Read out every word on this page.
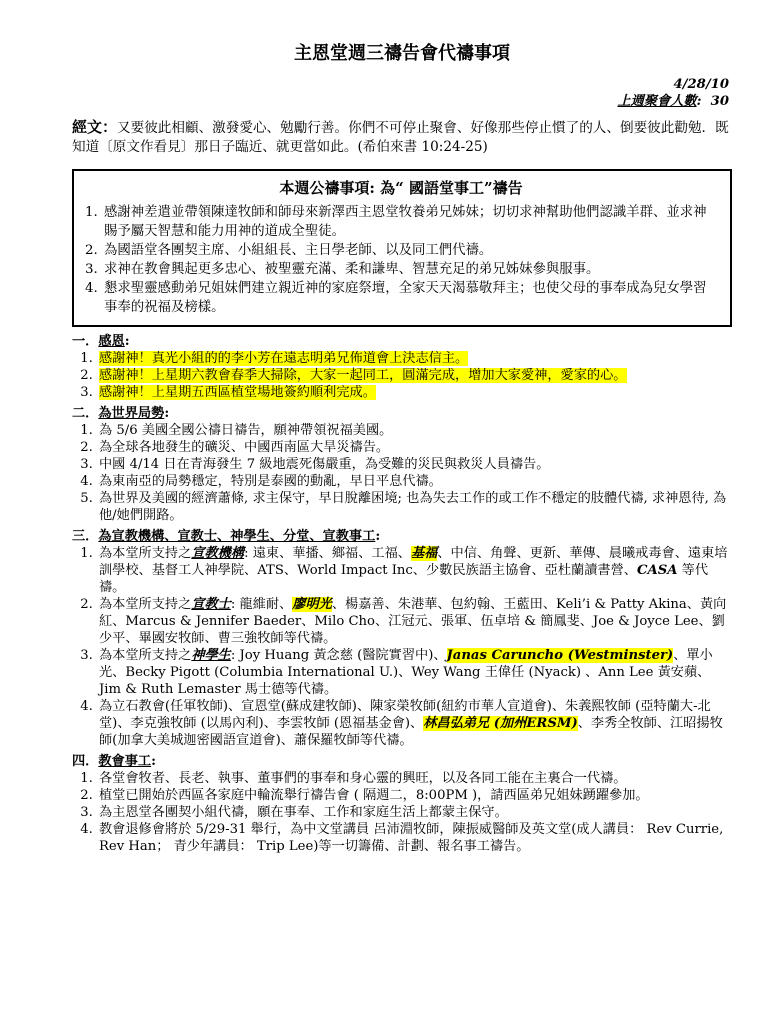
主恩堂週三禱告會代禱事項
4/28/10
上週聚會人數: 30
經文：又要彼此相顧、激發愛心、勉勵行善。你們不可停止聚會、好像那些停止慣了的人、倒要彼此勸勉．既知道〔原文作看見〕那日子臨近、就更當如此。(希伯來書 10:24-25)
本週公禱事項: 為“ 國語堂事工”禱告
1. 感謝神差遣並帶領陳達牧師和師母來新澤西主恩堂牧養弟兄姊妹；切切求神幫助他們認識羊群、並求神賜予屬天智慧和能力用神的道成全聖徒。
2. 為國語堂各團契主席、小組組長、主日學老師、以及同工們代禱。
3. 求神在教會興起更多忠心、被聖靈充滿、柔和謙卑、智慧充足的弟兄姊妹參與服事。
4. 懇求聖靈感動弟兄姐妹們建立親近神的家庭祭壇，全家天天渴慕敬拜主；也使父母的事奉成為兒女學習事奉的祝福及榜樣。
一．感恩:
1. 感謝神！真光小組的的李小芳在遠志明弟兄佈道會上決志信主。
2. 感謝神！上星期六教會春季大掃除，大家一起同工，圓滿完成，增加大家愛神，愛家的心。
3. 感謝神！上星期五西區植堂場地簽約順利完成。
二．為世界局勢:
1. 為 5/6 美國全國公禱日禱告，願神帶領祝福美國。
2. 為全球各地發生的礦災、中國西南區大旱災禱告。
3. 中國 4/14 日在青海發生 7 級地震死傷嚴重，為受難的災民與救災人員禱告。
4. 為東南亞的局勢穩定，特別是泰國的動亂，早日平息代禱。
5. 為世界及美國的經濟蕭條, 求主保守，早日脫離困境; 也為失去工作的或工作不穩定的肢體代禱, 求神恩待, 為他/她們開路。
三．為宣教機構、宣教士、神學生、分堂、宣教事工:
1. 為本堂所支持之宣教機構: 遠東、華播、鄉福、工福、基福、中信、角聲、更新、華傳、晨曦戒毒會、遠東培訓學校、基督工人神學院、ATS、World Impact Inc、少數民族語主協會、亞杜蘭讀書營、CASA 等代禱。
2. 為本堂所支持之宣教士: 龍維耐、廖明光、楊嘉善、朱港華、包約翰、王藍田、Keli’i & Patty Akina、黃向紅、Marcus & Jennifer Baeder、Milo Cho、江冠元、張軍、伍卓培 & 簡鳳斐、Joe & Joyce Lee、劉少平、畢國安牧師、曹三強牧師等代禱。
3. 為本堂所支持之神學生: Joy Huang 黃念慈 (醫院實習中)、Janas Caruncho (Westminster)、單小光、Becky Pigott (Columbia International U.)、Wey Wang 王偉任 (Nyack) 、Ann Lee 黃安蘋、Jim & Ruth Lemaster 馬士德等代禱。
4. 為立石教會(任軍牧師)、宣恩堂(蘇成建牧師)、陳家榮牧師(紐約市華人宣道會)、朱義熙牧師 (亞特蘭大-北堂)、李克強牧師 (以馬內利)、李雲牧師 (恩福基金會)、林昌弘弟兄 (加州ERSM)、李秀全牧師、江昭揚牧師(加拿大美城迦密國語宣道會)、蕭保羅牧師等代禱。
四．教會事工:
1. 各堂會牧者、長老、執事、董事們的事奉和身心靈的興旺，以及各同工能在主裏合一代禱。
2. 植堂已開始於西區各家庭中輪流舉行禱告會 ( 隔週二，8:00PM )，請西區弟兄姐妹踴躍參加。
3. 為主恩堂各團契小組代禱，願在事奉、工作和家庭生活上都蒙主保守。
4. 教會退修會將於 5/29-31 舉行，為中文堂講員 呂沛淵牧師，陳振威醫師及英文堂(成人講員： Rev Currie, Rev Han； 青少年講員： Trip Lee)等一切籌備、計劃、報名事工禱告。
